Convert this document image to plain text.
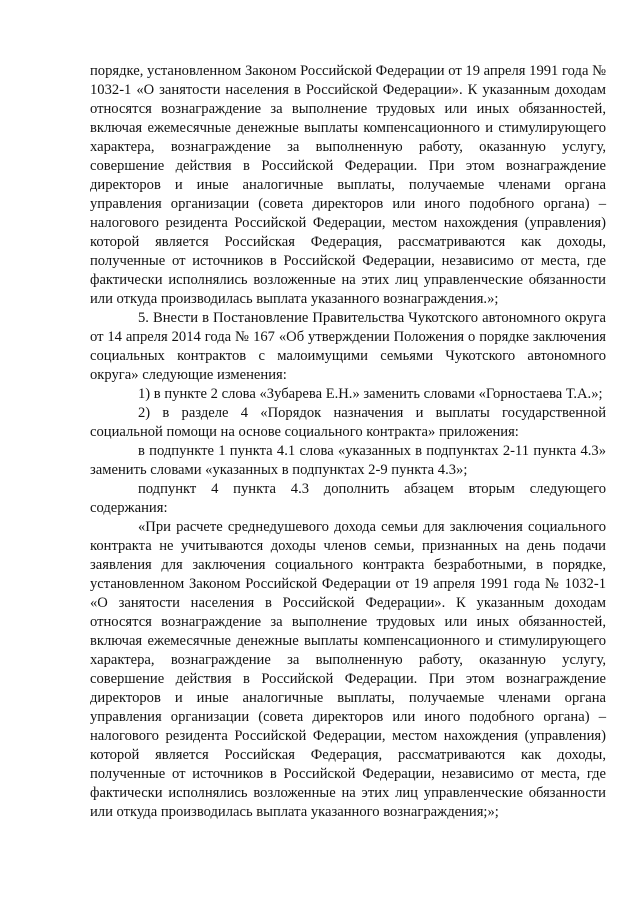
порядке, установленном Законом Российской Федерации от 19 апреля 1991 года № 1032-1 «О занятости населения в Российской Федерации». К указанным доходам относятся вознаграждение за выполнение трудовых или иных обязанностей, включая ежемесячные денежные выплаты компенсационного и стимулирующего характера, вознаграждение за выполненную работу, оказанную услугу, совершение действия в Российской Федерации. При этом вознаграждение директоров и иные аналогичные выплаты, получаемые членами органа управления организации (совета директоров или иного подобного органа) – налогового резидента Российской Федерации, местом нахождения (управления) которой является Российская Федерация, рассматриваются как доходы, полученные от источников в Российской Федерации, независимо от места, где фактически исполнялись возложенные на этих лиц управленческие обязанности или откуда производилась выплата указанного вознаграждения.»;

5. Внести в Постановление Правительства Чукотского автономного округа от 14 апреля 2014 года № 167 «Об утверждении Положения о порядке заключения социальных контрактов с малоимущими семьями Чукотского автономного округа» следующие изменения:

1) в пункте 2 слова «Зубарева Е.Н.» заменить словами «Горностаева Т.А.»;

2) в разделе 4 «Порядок назначения и выплаты государственной социальной помощи на основе социального контракта» приложения:

в подпункте 1 пункта 4.1 слова «указанных в подпунктах 2-11 пункта 4.3» заменить словами «указанных в подпунктах 2-9 пункта 4.3»;

подпункт 4 пункта 4.3 дополнить абзацем вторым следующего содержания:

«При расчете среднедушевого дохода семьи для заключения социального контракта не учитываются доходы членов семьи, признанных на день подачи заявления для заключения социального контракта безработными, в порядке, установленном Законом Российской Федерации от 19 апреля 1991 года № 1032-1 «О занятости населения в Российской Федерации». К указанным доходам относятся вознаграждение за выполнение трудовых или иных обязанностей, включая ежемесячные денежные выплаты компенсационного и стимулирующего характера, вознаграждение за выполненную работу, оказанную услугу, совершение действия в Российской Федерации. При этом вознаграждение директоров и иные аналогичные выплаты, получаемые членами органа управления организации (совета директоров или иного подобного органа) – налогового резидента Российской Федерации, местом нахождения (управления) которой является Российская Федерация, рассматриваются как доходы, полученные от источников в Российской Федерации, независимо от места, где фактически исполнялись возложенные на этих лиц управленческие обязанности или откуда производилась выплата указанного вознаграждения;»;
